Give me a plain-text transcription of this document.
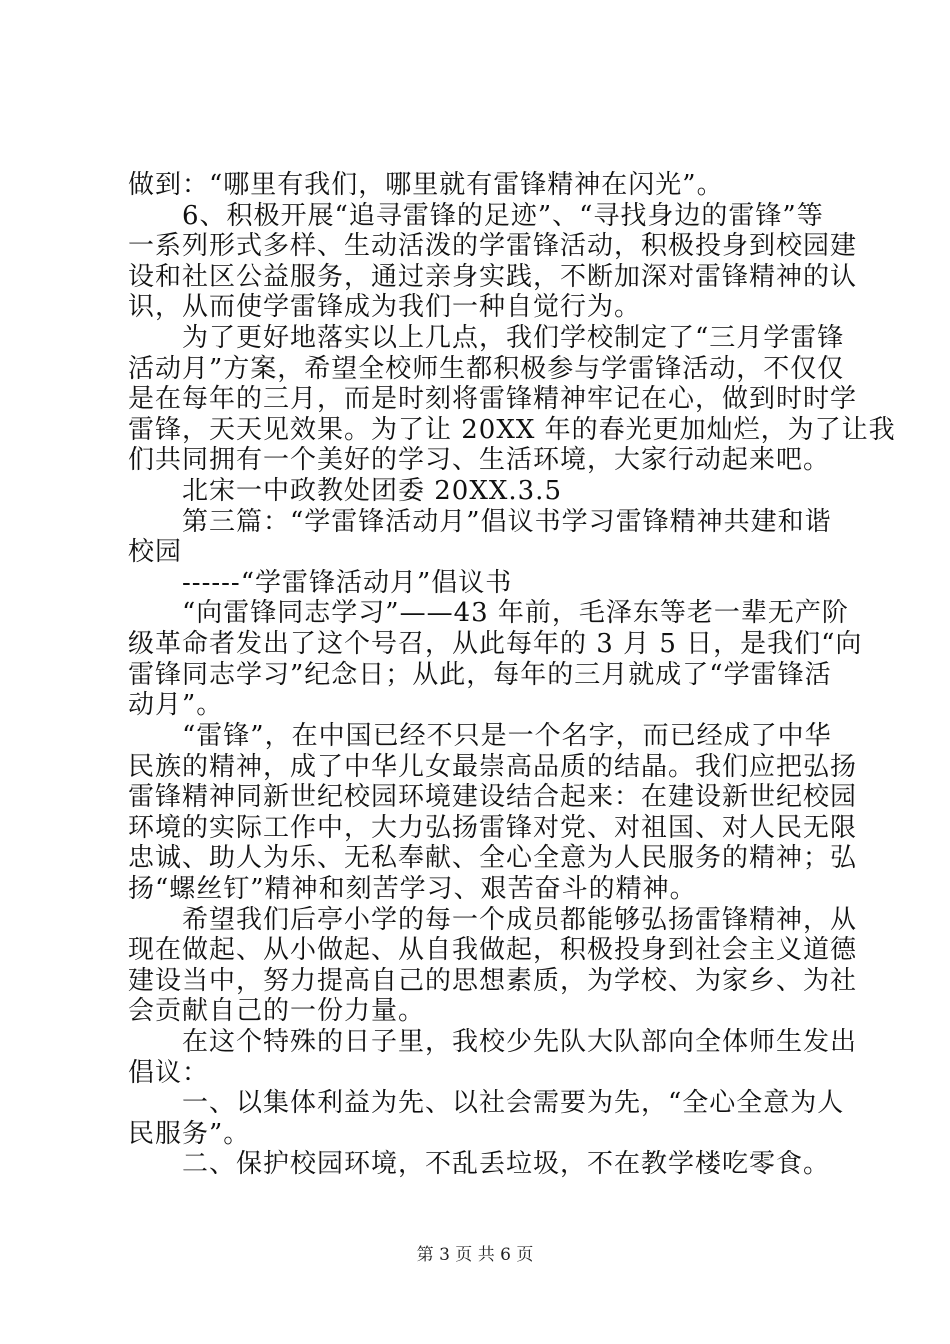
做到：“哪里有我们，哪里就有雷锋精神在闪光”。
　　6、积极开展“追寻雷锋的足迹”、“寻找身边的雷锋”等
一系列形式多样、生动活泼的学雷锋活动，积极投身到校园建
设和社区公益服务，通过亲身实践，不断加深对雷锋精神的认
识，从而使学雷锋成为我们一种自觉行为。
　　为了更好地落实以上几点，我们学校制定了“三月学雷锋
活动月”方案，希望全校师生都积极参与学雷锋活动，不仅仅
是在每年的三月，而是时刻将雷锋精神牢记在心，做到时时学
雷锋，天天见效果。为了让 20XX 年的春光更加灿烂，为了让我
们共同拥有一个美好的学习、生活环境，大家行动起来吧。
　　北宋一中政教处团委 20XX.3.5
　　第三篇：“学雷锋活动月”倡议书学习雷锋精神共建和谐
校园
　　------“学雷锋活动月”倡议书
　　“向雷锋同志学习”——43 年前，毛泽东等老一辈无产阶
级革命者发出了这个号召，从此每年的 3 月 5 日，是我们“向
雷锋同志学习”纪念日；从此，每年的三月就成了“学雷锋活
动月”。
　　“雷锋”，在中国已经不只是一个名字，而已经成了中华
民族的精神，成了中华儿女最崇高品质的结晶。我们应把弘扬
雷锋精神同新世纪校园环境建设结合起来：在建设新世纪校园
环境的实际工作中，大力弘扬雷锋对党、对祖国、对人民无限
忠诚、助人为乐、无私奉献、全心全意为人民服务的精神；弘
扬“螺丝钉”精神和刻苦学习、艰苦奋斗的精神。
　　希望我们后亭小学的每一个成员都能够弘扬雷锋精神，从
现在做起、从小做起、从自我做起，积极投身到社会主义道德
建设当中，努力提高自己的思想素质，为学校、为家乡、为社
会贡献自己的一份力量。
　　在这个特殊的日子里，我校少先队大队部向全体师生发出
倡议：
　　一、以集体利益为先、以社会需要为先，“全心全意为人
民服务”。
　　二、保护校园环境，不乱丢垃圾，不在教学楼吃零食。
第 3 页 共 6 页
